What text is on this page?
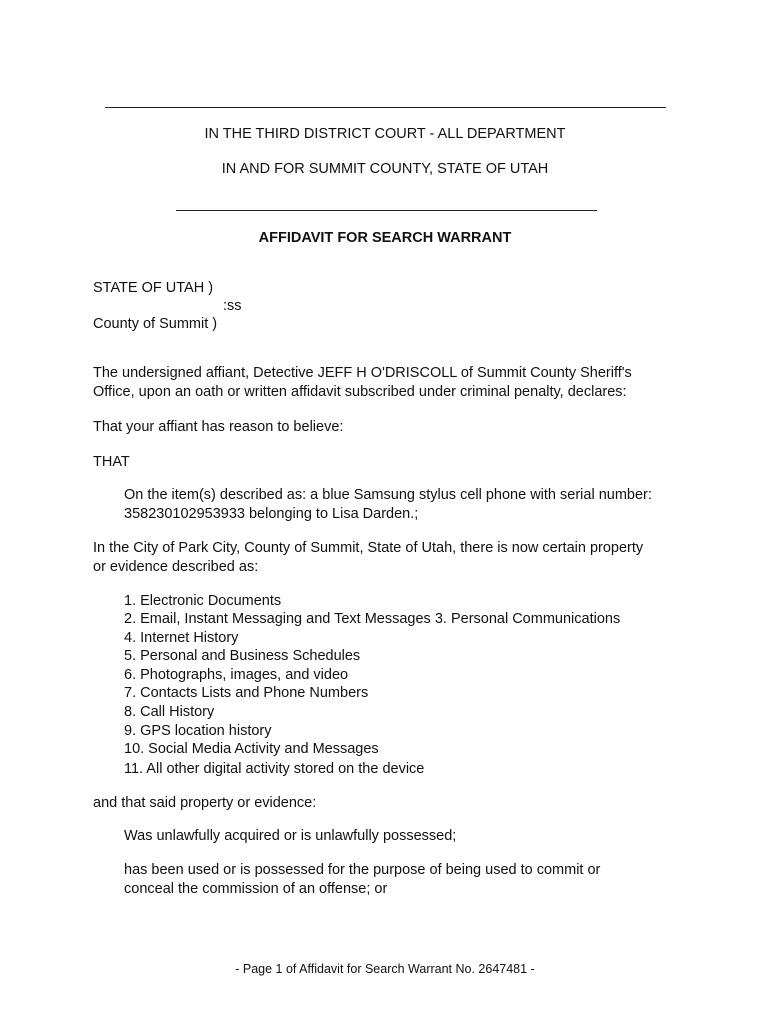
IN THE THIRD DISTRICT COURT - ALL DEPARTMENT
IN AND FOR SUMMIT COUNTY, STATE OF UTAH
AFFIDAVIT FOR SEARCH WARRANT
STATE OF UTAH )
:ss
County of Summit )
The undersigned affiant, Detective JEFF H O'DRISCOLL of Summit County Sheriff's
Office, upon an oath or written affidavit subscribed under criminal penalty, declares:
That your affiant has reason to believe:
THAT
On the item(s) described as: a blue Samsung stylus cell phone with serial number:
358230102953933 belonging to Lisa Darden.;
In the City of Park City, County of Summit, State of Utah, there is now certain property
or evidence described as:
1. Electronic Documents
2. Email, Instant Messaging and Text Messages 3. Personal Communications
4. Internet History
5. Personal and Business Schedules
6. Photographs, images, and video
7. Contacts Lists and Phone Numbers
8. Call History
9. GPS location history
10. Social Media Activity and Messages
11. All other digital activity stored on the device
and that said property or evidence:
Was unlawfully acquired or is unlawfully possessed;
has been used or is possessed for the purpose of being used to commit or
conceal the commission of an offense; or
- Page 1 of Affidavit for Search Warrant No. 2647481 -
